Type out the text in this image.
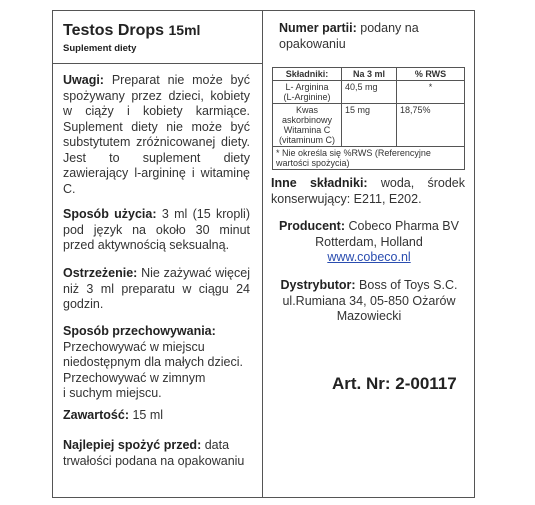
Testos Drops 15ml
Suplement diety
Uwagi: Preparat nie może być spożywany przez dzieci, kobiety w ciąży i kobiety karmiące. Suplement diety nie może być substytutem zróżnicowanej diety. Jest to suplement diety zawierający l-argininę i witaminę C.
Sposób użycia: 3 ml (15 kropli) pod język na około 30 minut przed aktywnością seksualną.
Ostrzeżenie: Nie zażywać więcej niż 3 ml preparatu w ciągu 24 godzin.
Sposób przechowywania:
Przechowywać w miejscu
niedostępnym dla małych dzieci.
Przechowywać w zimnym
i suchym miejscu.
Zawartość: 15 ml
Najlepiej spożyć przed: data trwałości podana na opakowaniu
Numer partii: podany na opakowaniu
Składniki:	Na 3 ml	% RWS

L- Arginina
(L-Arginine)	40,5 mg	*

Kwas askorbinowy
Witamina C (vitaminum C)	15 mg	18,75%
* Nie określa się %RWS (Referencyjne wartości spożycia)		
Inne składniki: woda, środek konserwujący: E211, E202.
Producent: Cobeco Pharma BV
Rotterdam, Holland
www.cobeco.nl
Dystrybutor: Boss of Toys S.C.
ul.Rumiana 34, 05-850 Ożarów
Mazowiecki
Art. Nr: 2-00117
